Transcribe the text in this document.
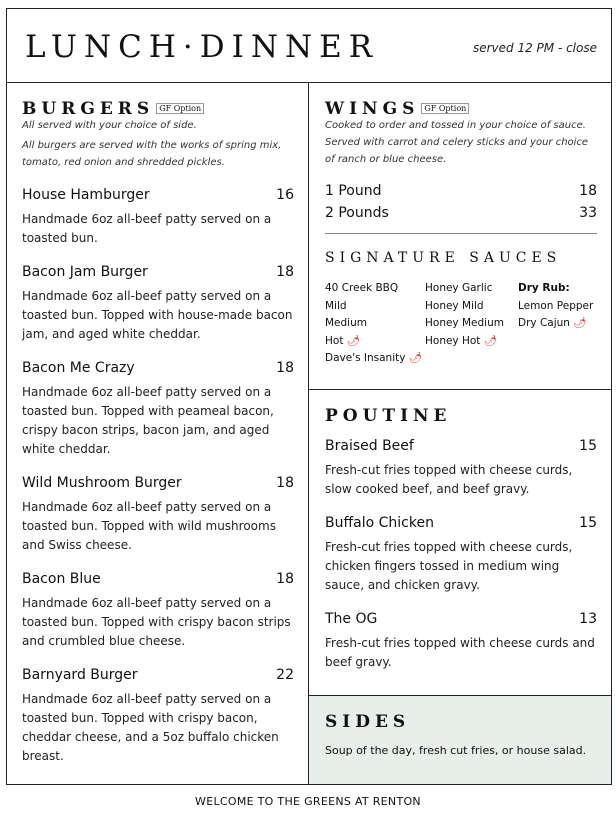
LUNCH·DINNER	served 12 PM - close
BURGERS GF Option
All served with your choice of side.
All burgers are served with the works of spring mix, tomato, red onion and shredded pickles.
House Hamburger	16
Handmade 6oz all-beef patty served on a toasted bun.
Bacon Jam Burger	18
Handmade 6oz all-beef patty served on a toasted bun. Topped with house-made bacon jam, and aged white cheddar.
Bacon Me Crazy	18
Handmade 6oz all-beef patty served on a toasted bun. Topped with peameal bacon, crispy bacon strips, bacon jam, and aged white cheddar.
Wild Mushroom Burger	18
Handmade 6oz all-beef patty served on a toasted bun. Topped with wild mushrooms and Swiss cheese.
Bacon Blue	18
Handmade 6oz all-beef patty served on a toasted bun. Topped with crispy bacon strips and crumbled blue cheese.
Barnyard Burger	22
Handmade 6oz all-beef patty served on a toasted bun. Topped with crispy bacon, cheddar cheese, and a 5oz buffalo chicken breast.
WINGS GF Option
Cooked to order and tossed in your choice of sauce. Served with carrot and celery sticks and your choice of ranch or blue cheese.
1 Pound	18
2 Pounds	33
SIGNATURE SAUCES
40 Creek BBQ
Mild
Medium
Hot 🌶
Dave's Insanity 🌶
Honey Garlic
Honey Mild
Honey Medium
Honey Hot 🌶
Dry Rub:
Lemon Pepper
Dry Cajun 🌶
POUTINE
Braised Beef	15
Fresh-cut fries topped with cheese curds, slow cooked beef, and beef gravy.
Buffalo Chicken	15
Fresh-cut fries topped with cheese curds, chicken fingers tossed in medium wing sauce, and chicken gravy.
The OG	13
Fresh-cut fries topped with cheese curds and beef gravy.
SIDES
Soup of the day, fresh cut fries, or house salad.
WELCOME TO THE GREENS AT RENTON
